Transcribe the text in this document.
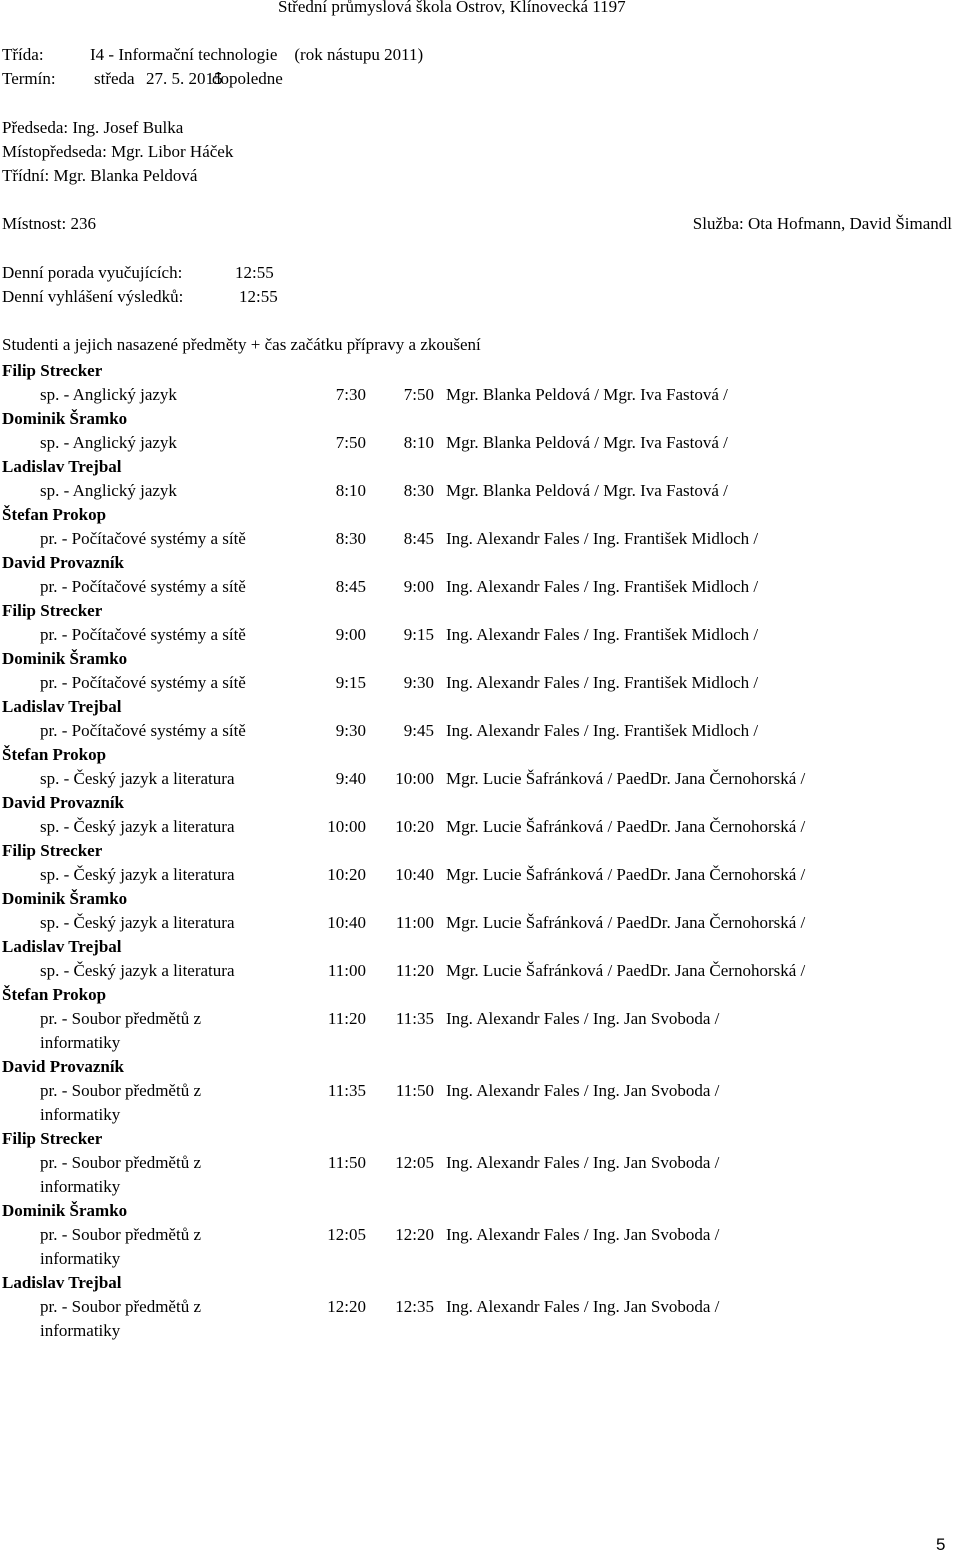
Střední průmyslová škola Ostrov, Klínovecká 1197
Třída:	I4 - Informační technologie    (rok nástupu 2011)
Termín: středa 27. 5. 2015dopoledne
Předseda: Ing. Josef Bulka
Místopředseda: Mgr. Libor Háček
Třídní: Mgr. Blanka Peldová
Místnost: 236	Služba: Ota Hofmann, David Šimandl
Denní porada vyučujících:	12:55
Denní vyhlášení výsledků:	12:55
Studenti a jejich nasazené předměty + čas začátku přípravy a zkoušení
Filip Strecker
sp. - Anglický jazyk	7:30	7:50 Mgr. Blanka Peldová / Mgr. Iva Fastová /
Dominik Šramko
sp. - Anglický jazyk	7:50	8:10 Mgr. Blanka Peldová / Mgr. Iva Fastová /
Ladislav Trejbal
sp. - Anglický jazyk	8:10	8:30 Mgr. Blanka Peldová / Mgr. Iva Fastová /
Štefan Prokop
pr. - Počítačové systémy a sítě	8:30	8:45 Ing. Alexandr Fales / Ing. František Midloch /
David Provazník
pr. - Počítačové systémy a sítě	8:45	9:00 Ing. Alexandr Fales / Ing. František Midloch /
Filip Strecker
pr. - Počítačové systémy a sítě	9:00	9:15 Ing. Alexandr Fales / Ing. František Midloch /
Dominik Šramko
pr. - Počítačové systémy a sítě	9:15	9:30 Ing. Alexandr Fales / Ing. František Midloch /
Ladislav Trejbal
pr. - Počítačové systémy a sítě	9:30	9:45 Ing. Alexandr Fales / Ing. František Midloch /
Štefan Prokop
sp. - Český jazyk a literatura	9:40	10:00 Mgr. Lucie Šafránková / PaedDr. Jana Černohorská /
David Provazník
sp. - Český jazyk a literatura	10:00	10:20 Mgr. Lucie Šafránková / PaedDr. Jana Černohorská /
Filip Strecker
sp. - Český jazyk a literatura	10:20	10:40 Mgr. Lucie Šafránková / PaedDr. Jana Černohorská /
Dominik Šramko
sp. - Český jazyk a literatura	10:40	11:00 Mgr. Lucie Šafránková / PaedDr. Jana Černohorská /
Ladislav Trejbal
sp. - Český jazyk a literatura	11:00	11:20 Mgr. Lucie Šafránková / PaedDr. Jana Černohorská /
Štefan Prokop
pr. - Soubor předmětů z informatiky
11:20	11:35 Ing. Alexandr Fales / Ing. Jan Svoboda /
David Provazník
pr. - Soubor předmětů z informatiky
11:35	11:50 Ing. Alexandr Fales / Ing. Jan Svoboda /
Filip Strecker
pr. - Soubor předmětů z informatiky
11:50	12:05 Ing. Alexandr Fales / Ing. Jan Svoboda /
Dominik Šramko
pr. - Soubor předmětů z informatiky
12:05	12:20 Ing. Alexandr Fales / Ing. Jan Svoboda /
Ladislav Trejbal
pr. - Soubor předmětů z informatiky
12:20	12:35 Ing. Alexandr Fales / Ing. Jan Svoboda /
5
